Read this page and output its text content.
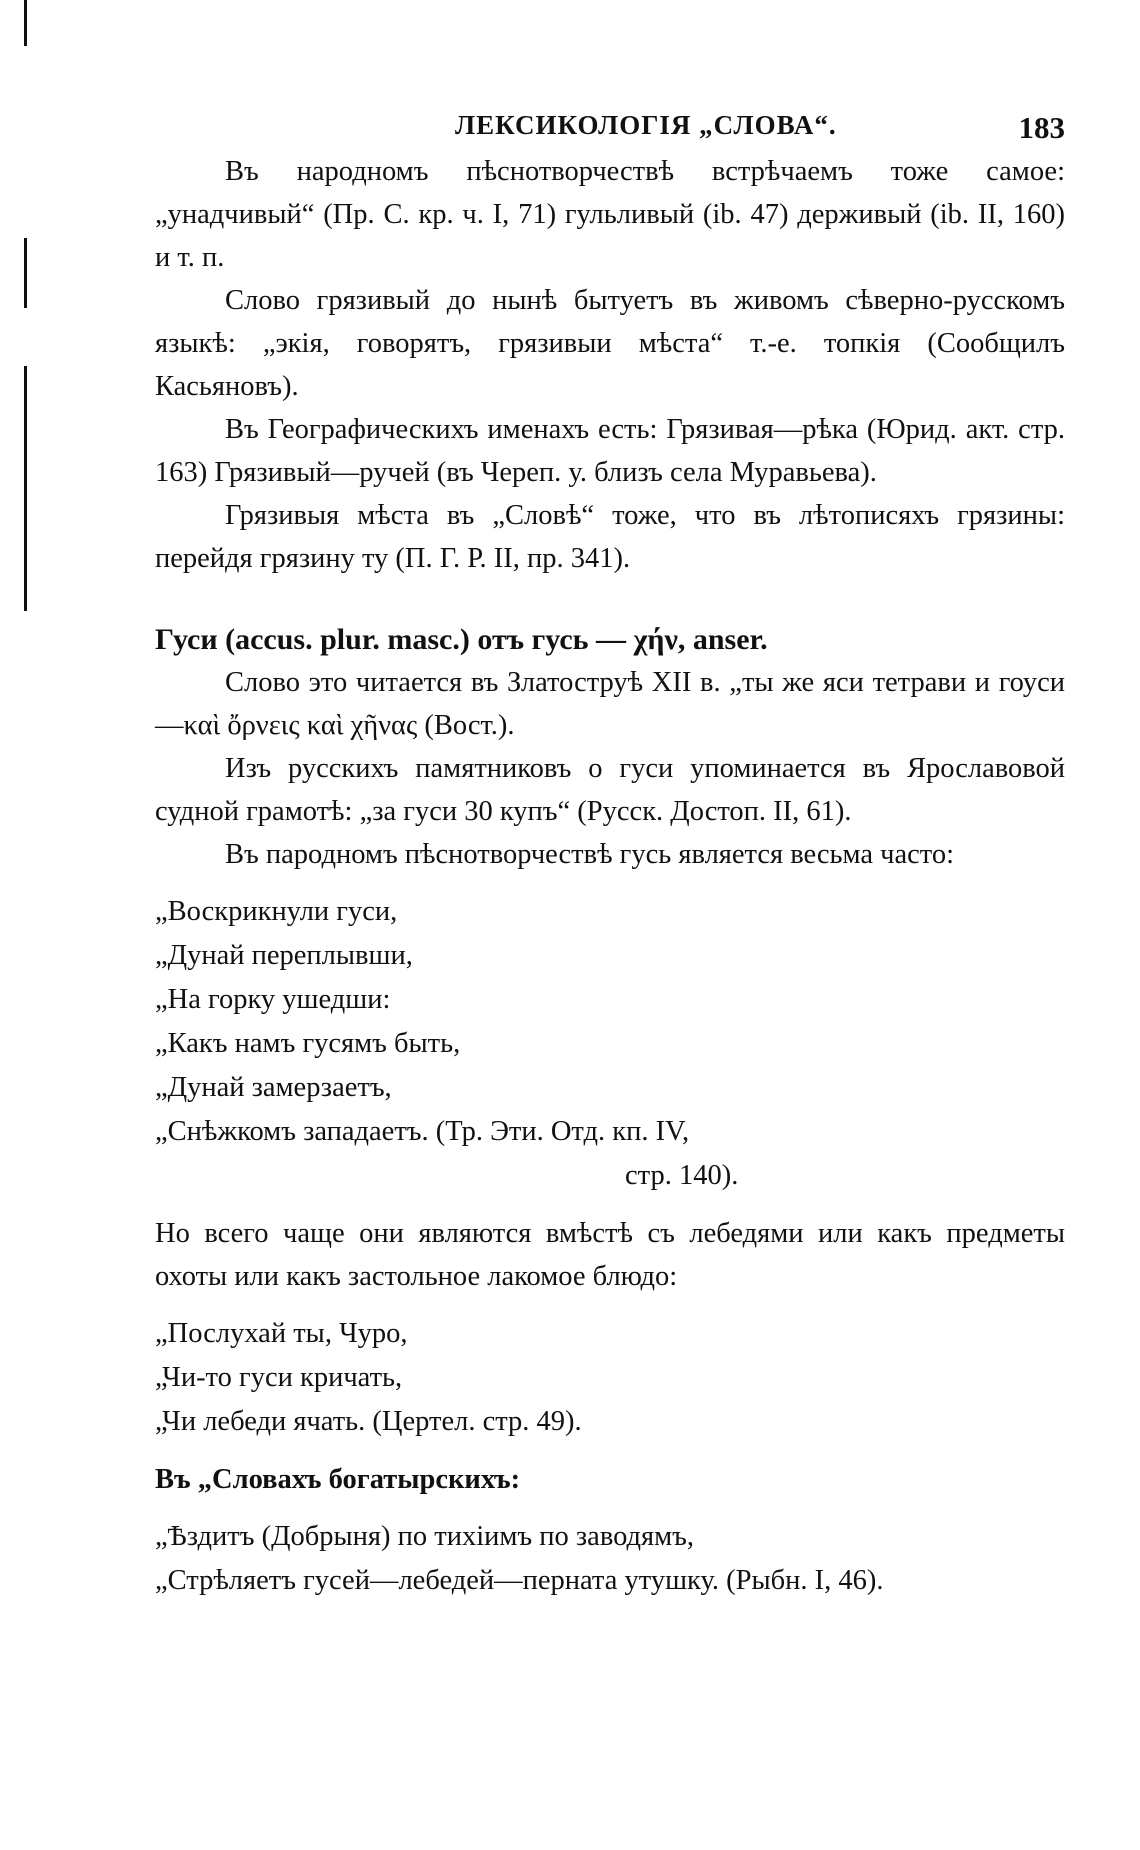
ЛЕКСИКОЛОГІЯ „СЛОВА“.	183

Въ народномъ пѣснотворчествѣ встрѣчаемъ тоже самое: „унадчивый“ (Пр. С. кр. ч. I, 71) гульливый (ib. 47) держивый (ib. II, 160) и т. п.

Слово грязивый до нынѣ бытуетъ въ живомъ сѣверно-русскомъ языкѣ: „экія, говорятъ, грязивыи мѣста“ т.-е. топкія (Сообщилъ Касьяновъ).

Въ Географическихъ именахъ есть: Грязивая—рѣка (Юрид. акт. стр. 163) Грязивый—ручей (въ Череп. у. близъ села Муравьева).

Грязивыя мѣста въ „Словѣ“ тоже, что въ лѣтописяхъ грязины: перейдя грязину ту (П. Г. Р. II, пр. 341).

Гуси (accus. plur. masc.) отъ гусь — χήν, anser.

Слово это читается въ Златоструѣ XII в. „ты же яси тетрави и гоуси—καὶ ὄρνεις καὶ χῆνας (Вост.).

Изъ русскихъ памятниковъ о гуси упоминается въ Ярославовой судной грамотѣ: „за гуси 30 купъ“ (Русск. Достоп. II, 61).

Въ пародномъ пѣснотворчествѣ гусь является весьма часто:

„Воскрикнули гуси,
„Дунай переплывши,
„На горку ушедши:
„Какъ намъ гусямъ быть,
„Дунай замерзаетъ,
„Снѣжкомъ западаетъ. (Тр. Эти. Отд. кп. IV,
стр. 140).

Но всего чаще они являются вмѣстѣ съ лебедями или какъ предметы охоты или какъ застольное лакомое блюдо:

„Послухай ты, Чуро,
„Чи-то гуси кричать,
„Чи лебеди ячать. (Цертел. стр. 49).

Въ „Словахъ богатырскихъ:

„Ѣздитъ (Добрыня) по тихіимъ по заводямъ,
„Стрѣляетъ гусей—лебедей—перната утушку. (Рыбн. I, 46).
